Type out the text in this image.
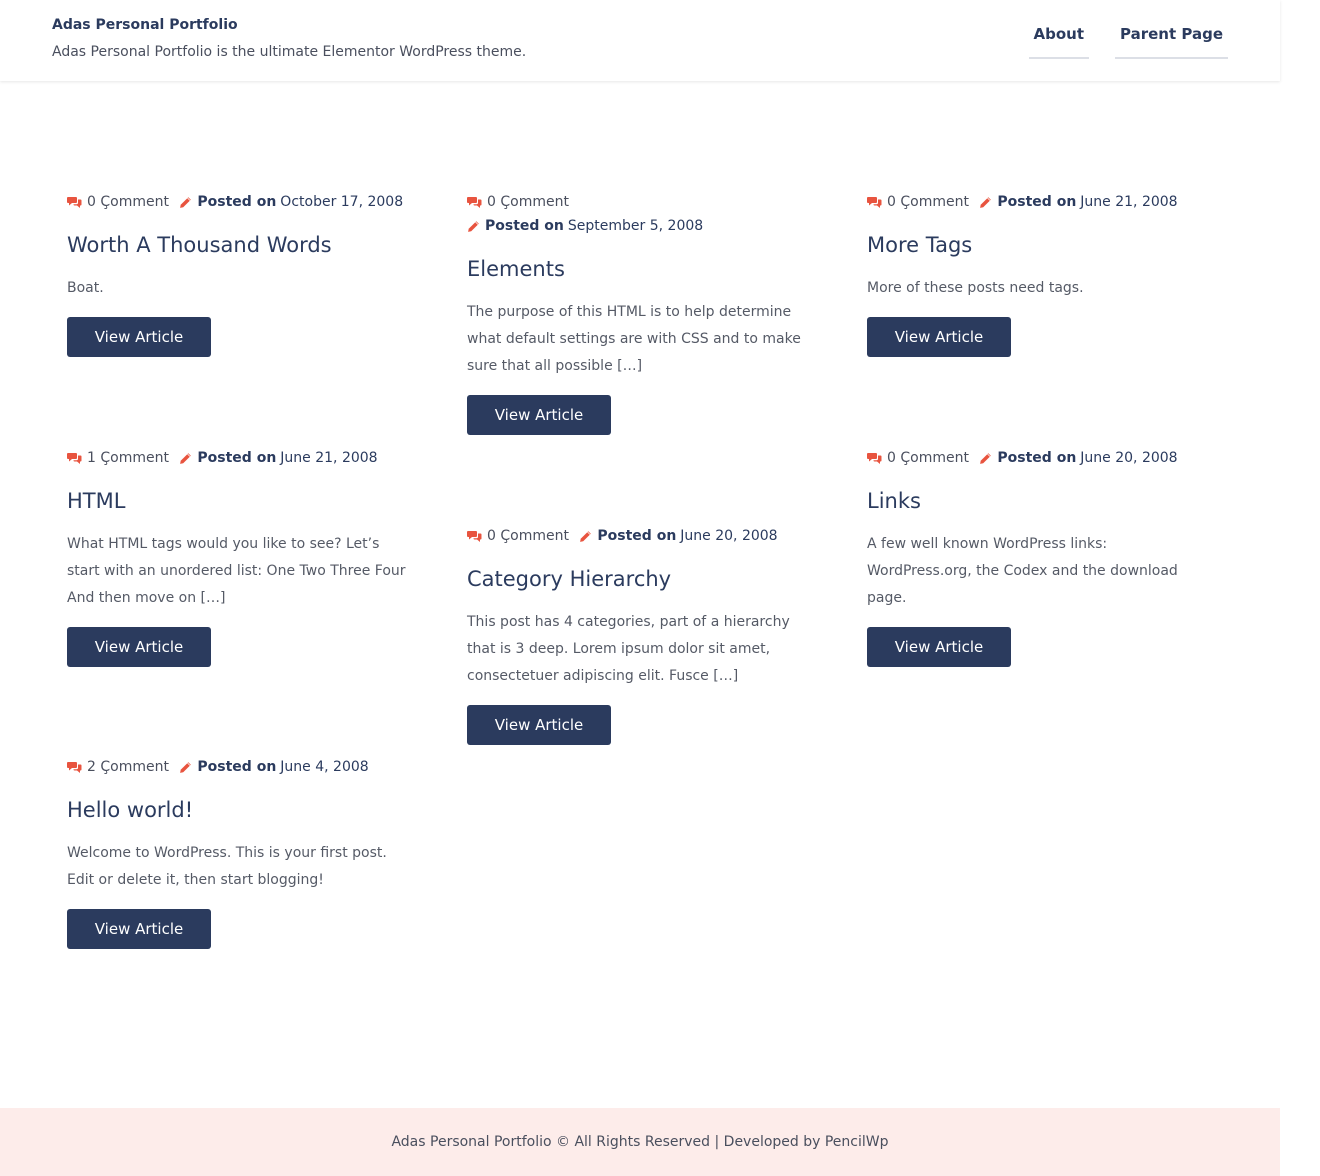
Adas Personal Portfolio
Adas Personal Portfolio is the ultimate Elementor WordPress theme.
About	Parent Page
0 Çomment
Posted on October 17, 2008
Worth A Thousand Words
Boat.
View Article
0 Çomment
Posted on September 5, 2008
Elements
The purpose of this HTML is to help determine what default settings are with CSS and to make sure that all possible […]
View Article
0 Çomment
Posted on June 21, 2008
More Tags
More of these posts need tags.
View Article
1 Çomment
Posted on June 21, 2008
HTML
What HTML tags would you like to see? Let’s start with an unordered list: One Two Three Four And then move on […]
View Article
0 Çomment
Posted on June 20, 2008
Category Hierarchy
This post has 4 categories, part of a hierarchy that is 3 deep. Lorem ipsum dolor sit amet, consectetuer adipiscing elit. Fusce […]
View Article
0 Çomment
Posted on June 20, 2008
Links
A few well known WordPress links: WordPress.org, the Codex and the download page.
View Article
2 Çomment
Posted on June 4, 2008
Hello world!
Welcome to WordPress. This is your first post. Edit or delete it, then start blogging!
View Article
Adas Personal Portfolio © All Rights Reserved | Developed by PencilWp
